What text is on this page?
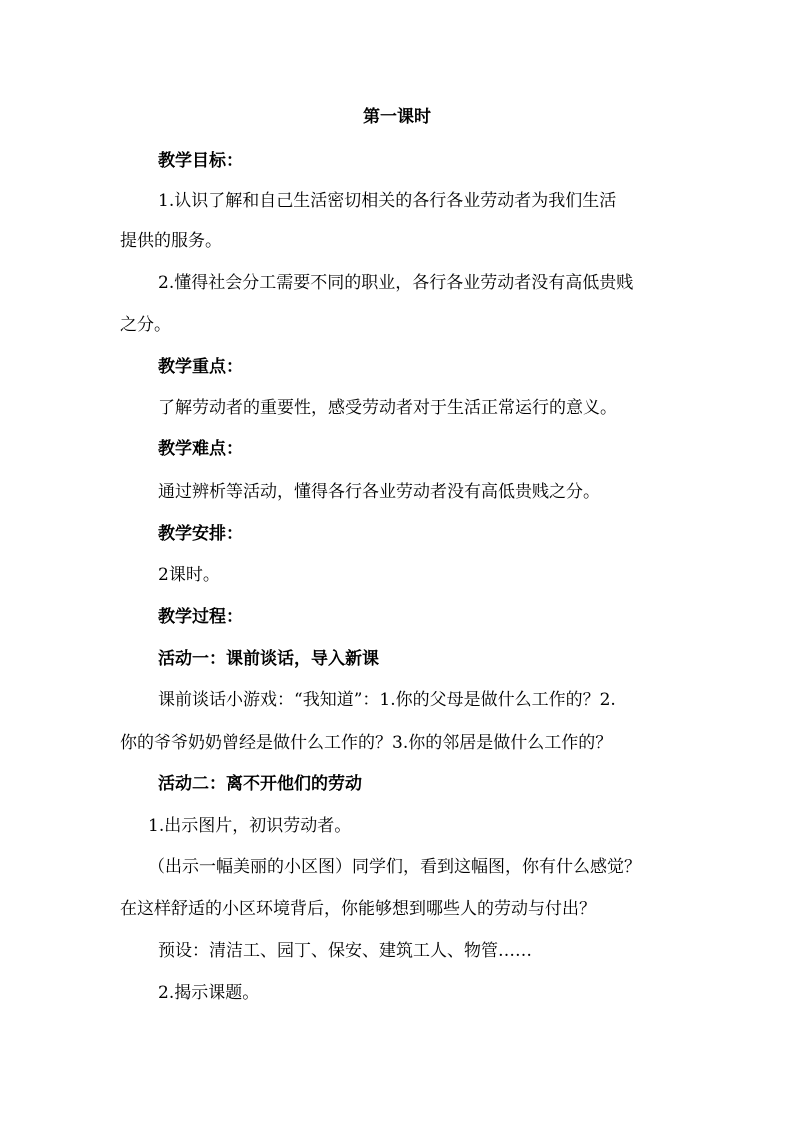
第一课时
教学目标：
1.认识了解和自己生活密切相关的各行各业劳动者为我们生活
提供的服务。
2.懂得社会分工需要不同的职业，各行各业劳动者没有高低贵贱
之分。
教学重点：
了解劳动者的重要性，感受劳动者对于生活正常运行的意义。
教学难点：
通过辨析等活动，懂得各行各业劳动者没有高低贵贱之分。
教学安排：
2课时。
教学过程：
活动一：课前谈话，导入新课
课前谈话小游戏：“我知道”：1.你的父母是做什么工作的？2.
你的爷爷奶奶曾经是做什么工作的？3.你的邻居是做什么工作的？
活动二：离不开他们的劳动
1.出示图片，初识劳动者。
（出示一幅美丽的小区图）同学们，看到这幅图，你有什么感觉？
在这样舒适的小区环境背后，你能够想到哪些人的劳动与付出？
预设：清洁工、园丁、保安、建筑工人、物管……
2.揭示课题。
